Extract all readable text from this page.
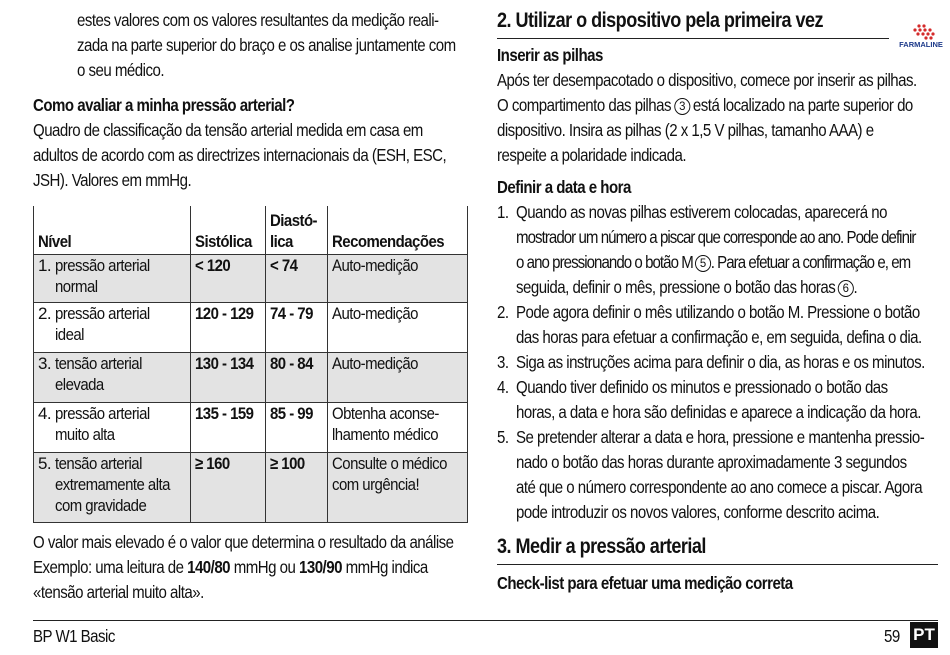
estes valores com os valores resultantes da medição reali-

zada na parte superior do braço e os analise juntamente com

o seu médico.

Como avaliar a minha pressão arterial?

Quadro de classificação da tensão arterial medida em casa em

adultos de acordo com as directrizes internacionais da (ESH, ESC,

JSH). Valores em mmHg.

Nível		Sistólica	Diastó-
lica	Recomendações

1.	pressão arterial
normal	< 120	< 74	Auto-medição

2.	pressão arterial
ideal	120 - 129	74 - 79	Auto-medição

3.	tensão arterial
elevada	130 - 134	80 - 84	Auto-medição

4.	pressão arterial
muito alta	135 - 159	85 - 99	Obtenha aconse-
lhamento médico

5.	tensão arterial
extremamente alta
com gravidade	≥ 160	≥ 100	Consulte o médico
com urgência!

O valor mais elevado é o valor que determina o resultado da análise

Exemplo: uma leitura de 140/80 mmHg ou 130/90 mmHg indica

«tensão arterial muito alta».

2. Utilizar o dispositivo pela primeira vez

FARMALINE

Inserir as pilhas

Após ter desempacotado o dispositivo, comece por inserir as pilhas.

O compartimento das pilhas 3 está localizado na parte superior do

dispositivo. Insira as pilhas (2 x 1,5 V pilhas, tamanho AAA) e

respeite a polaridade indicada.

Definir a data e hora

1. Quando as novas pilhas estiverem colocadas, aparecerá no

mostrador um número a piscar que corresponde ao ano. Pode definir

o ano pressionando o botão M 5 . Para efetuar a confirmação e, em

seguida, definir o mês, pressione o botão das horas 6 .

2. Pode agora definir o mês utilizando o botão M. Pressione o botão

das horas para efetuar a confirmação e, em seguida, defina o dia.

3. Siga as instruções acima para definir o dia, as horas e os minutos.

4. Quando tiver definido os minutos e pressionado o botão das

horas, a data e hora são definidas e aparece a indicação da hora.

5. Se pretender alterar a data e hora, pressione e mantenha pressio-

nado o botão das horas durante aproximadamente 3 segundos

até que o número correspondente ao ano comece a piscar. Agora

pode introduzir os novos valores, conforme descrito acima.

3. Medir a pressão arterial

Check-list para efetuar uma medição correta

BP W1 Basic	59 PT
